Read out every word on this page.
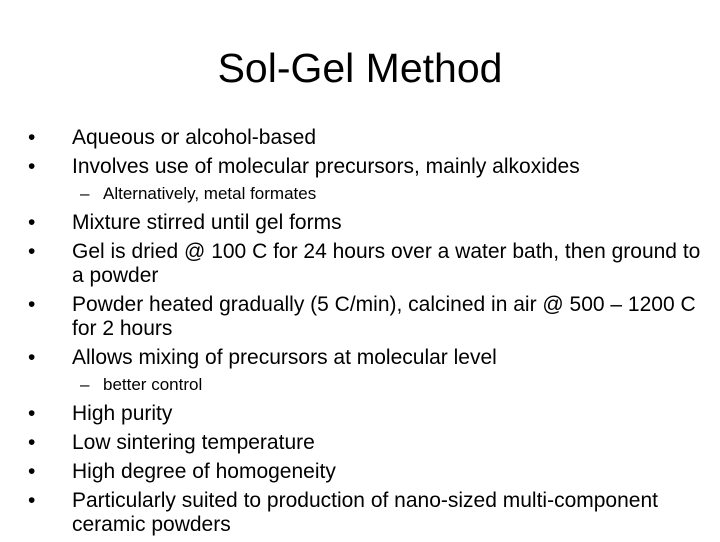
Sol-Gel Method
•	Aqueous or alcohol-based
•	Involves use of molecular precursors, mainly alkoxides
– Alternatively, metal formates
•	Mixture stirred until gel forms
•	Gel is dried @ 100 C for 24 hours over a water bath, then ground to a powder
•	Powder heated gradually (5 C/min), calcined in air @ 500 – 1200 C for 2 hours
•	Allows mixing of precursors at molecular level
– better control
•	High purity
•	Low sintering temperature
•	High degree of homogeneity
•	Particularly suited to production of nano-sized multi-component ceramic powders
